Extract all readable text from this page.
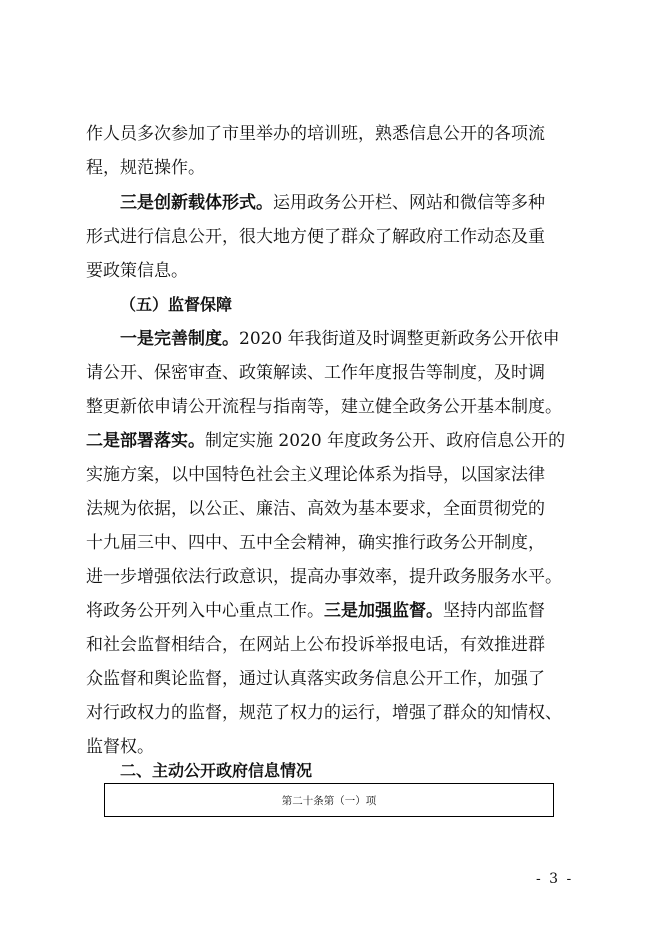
作人员多次参加了市里举办的培训班，熟悉信息公开的各项流
程，规范操作。
三是创新载体形式。运用政务公开栏、网站和微信等多种
形式进行信息公开，很大地方便了群众了解政府工作动态及重
要政策信息。
（五）监督保障
一是完善制度。2020 年我街道及时调整更新政务公开依申
请公开、保密审查、政策解读、工作年度报告等制度，及时调
整更新依申请公开流程与指南等，建立健全政务公开基本制度。
二是部署落实。制定实施 2020 年度政务公开、政府信息公开的
实施方案，以中国特色社会主义理论体系为指导，以国家法律
法规为依据，以公正、廉洁、高效为基本要求，全面贯彻党的
十九届三中、四中、五中全会精神，确实推行政务公开制度，
进一步增强依法行政意识，提高办事效率，提升政务服务水平。
将政务公开列入中心重点工作。三是加强监督。坚持内部监督
和社会监督相结合，在网站上公布投诉举报电话，有效推进群
众监督和舆论监督，通过认真落实政务信息公开工作，加强了
对行政权力的监督，规范了权力的运行，增强了群众的知情权、
监督权。
二、主动公开政府信息情况
第二十条第（一）项
- 3 -
